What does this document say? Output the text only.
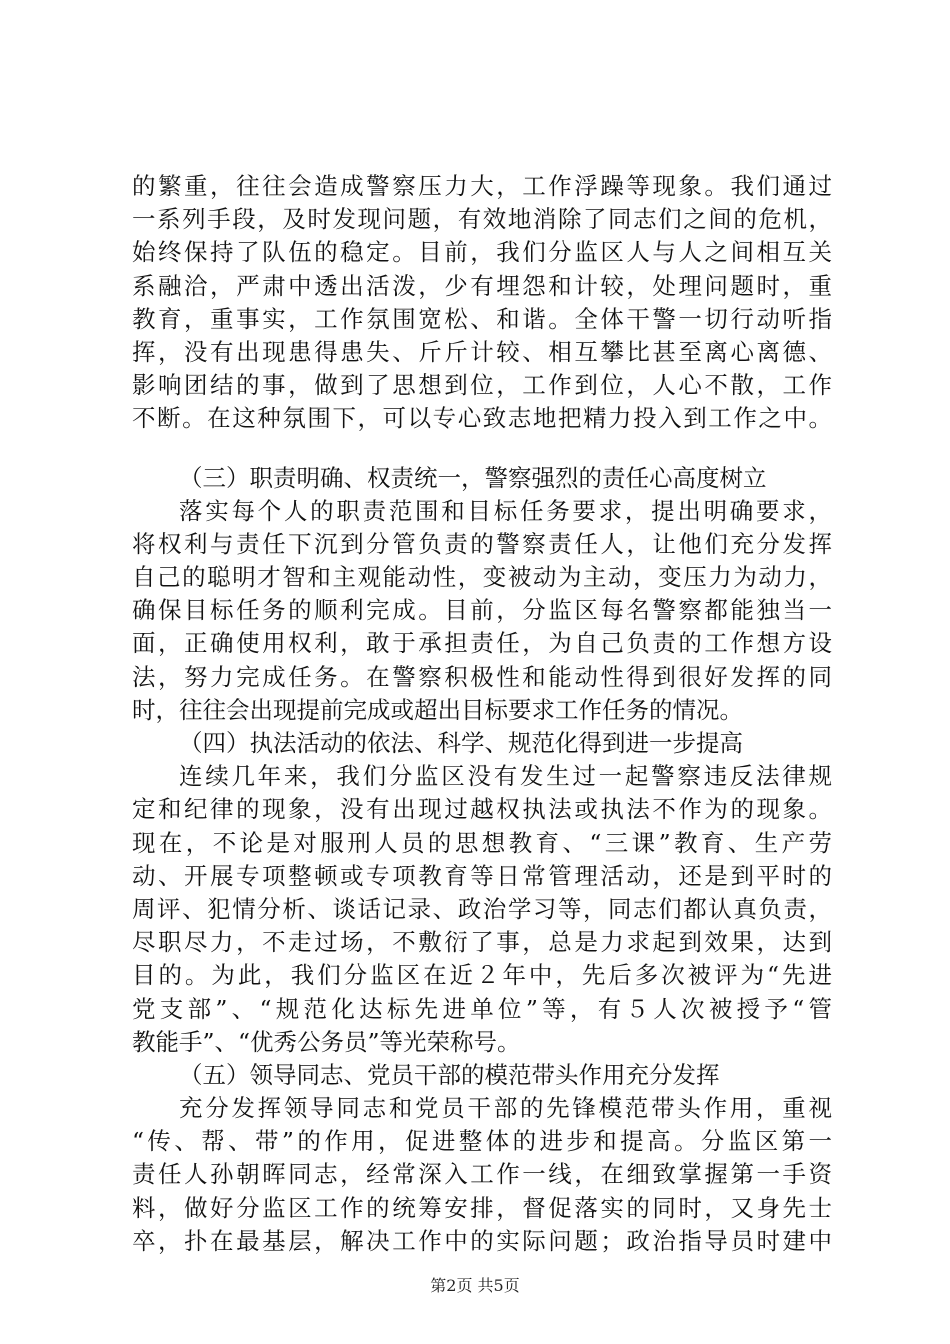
的繁重，往往会造成警察压力大，工作浮躁等现象。我们通过
一系列手段，及时发现问题，有效地消除了同志们之间的危机，
始终保持了队伍的稳定。目前，我们分监区人与人之间相互关
系融洽，严肃中透出活泼，少有埋怨和计较，处理问题时，重
教育，重事实，工作氛围宽松、和谐。全体干警一切行动听指
挥，没有出现患得患失、斤斤计较、相互攀比甚至离心离德、
影响团结的事，做到了思想到位，工作到位，人心不散，工作
不断。在这种氛围下，可以专心致志地把精力投入到工作之中。
（三）职责明确、权责统一，警察强烈的责任心高度树立
落实每个人的职责范围和目标任务要求，提出明确要求，
将权利与责任下沉到分管负责的警察责任人，让他们充分发挥
自己的聪明才智和主观能动性，变被动为主动，变压力为动力，
确保目标任务的顺利完成。目前，分监区每名警察都能独当一
面，正确使用权利，敢于承担责任，为自己负责的工作想方设
法，努力完成任务。在警察积极性和能动性得到很好发挥的同
时，往往会出现提前完成或超出目标要求工作任务的情况。
（四）执法活动的依法、科学、规范化得到进一步提高
连续几年来，我们分监区没有发生过一起警察违反法律规
定和纪律的现象，没有出现过越权执法或执法不作为的现象。
现在，不论是对服刑人员的思想教育、“三课”教育、生产劳
动、开展专项整顿或专项教育等日常管理活动，还是到平时的
周评、犯情分析、谈话记录、政治学习等，同志们都认真负责，
尽职尽力，不走过场，不敷衍了事，总是力求起到效果，达到
目的。为此，我们分监区在近２年中，先后多次被评为“先进
党支部”、“规范化达标先进单位”等，有５人次被授予“管
教能手”、“优秀公务员”等光荣称号。
（五）领导同志、党员干部的模范带头作用充分发挥
充分发挥领导同志和党员干部的先锋模范带头作用，重视
“传、帮、带”的作用，促进整体的进步和提高。分监区第一
责任人孙朝晖同志，经常深入工作一线，在细致掌握第一手资
料，做好分监区工作的统筹安排，督促落实的同时，又身先士
卒，扑在最基层，解决工作中的实际问题；政治指导员时建中
第2页 共5页
